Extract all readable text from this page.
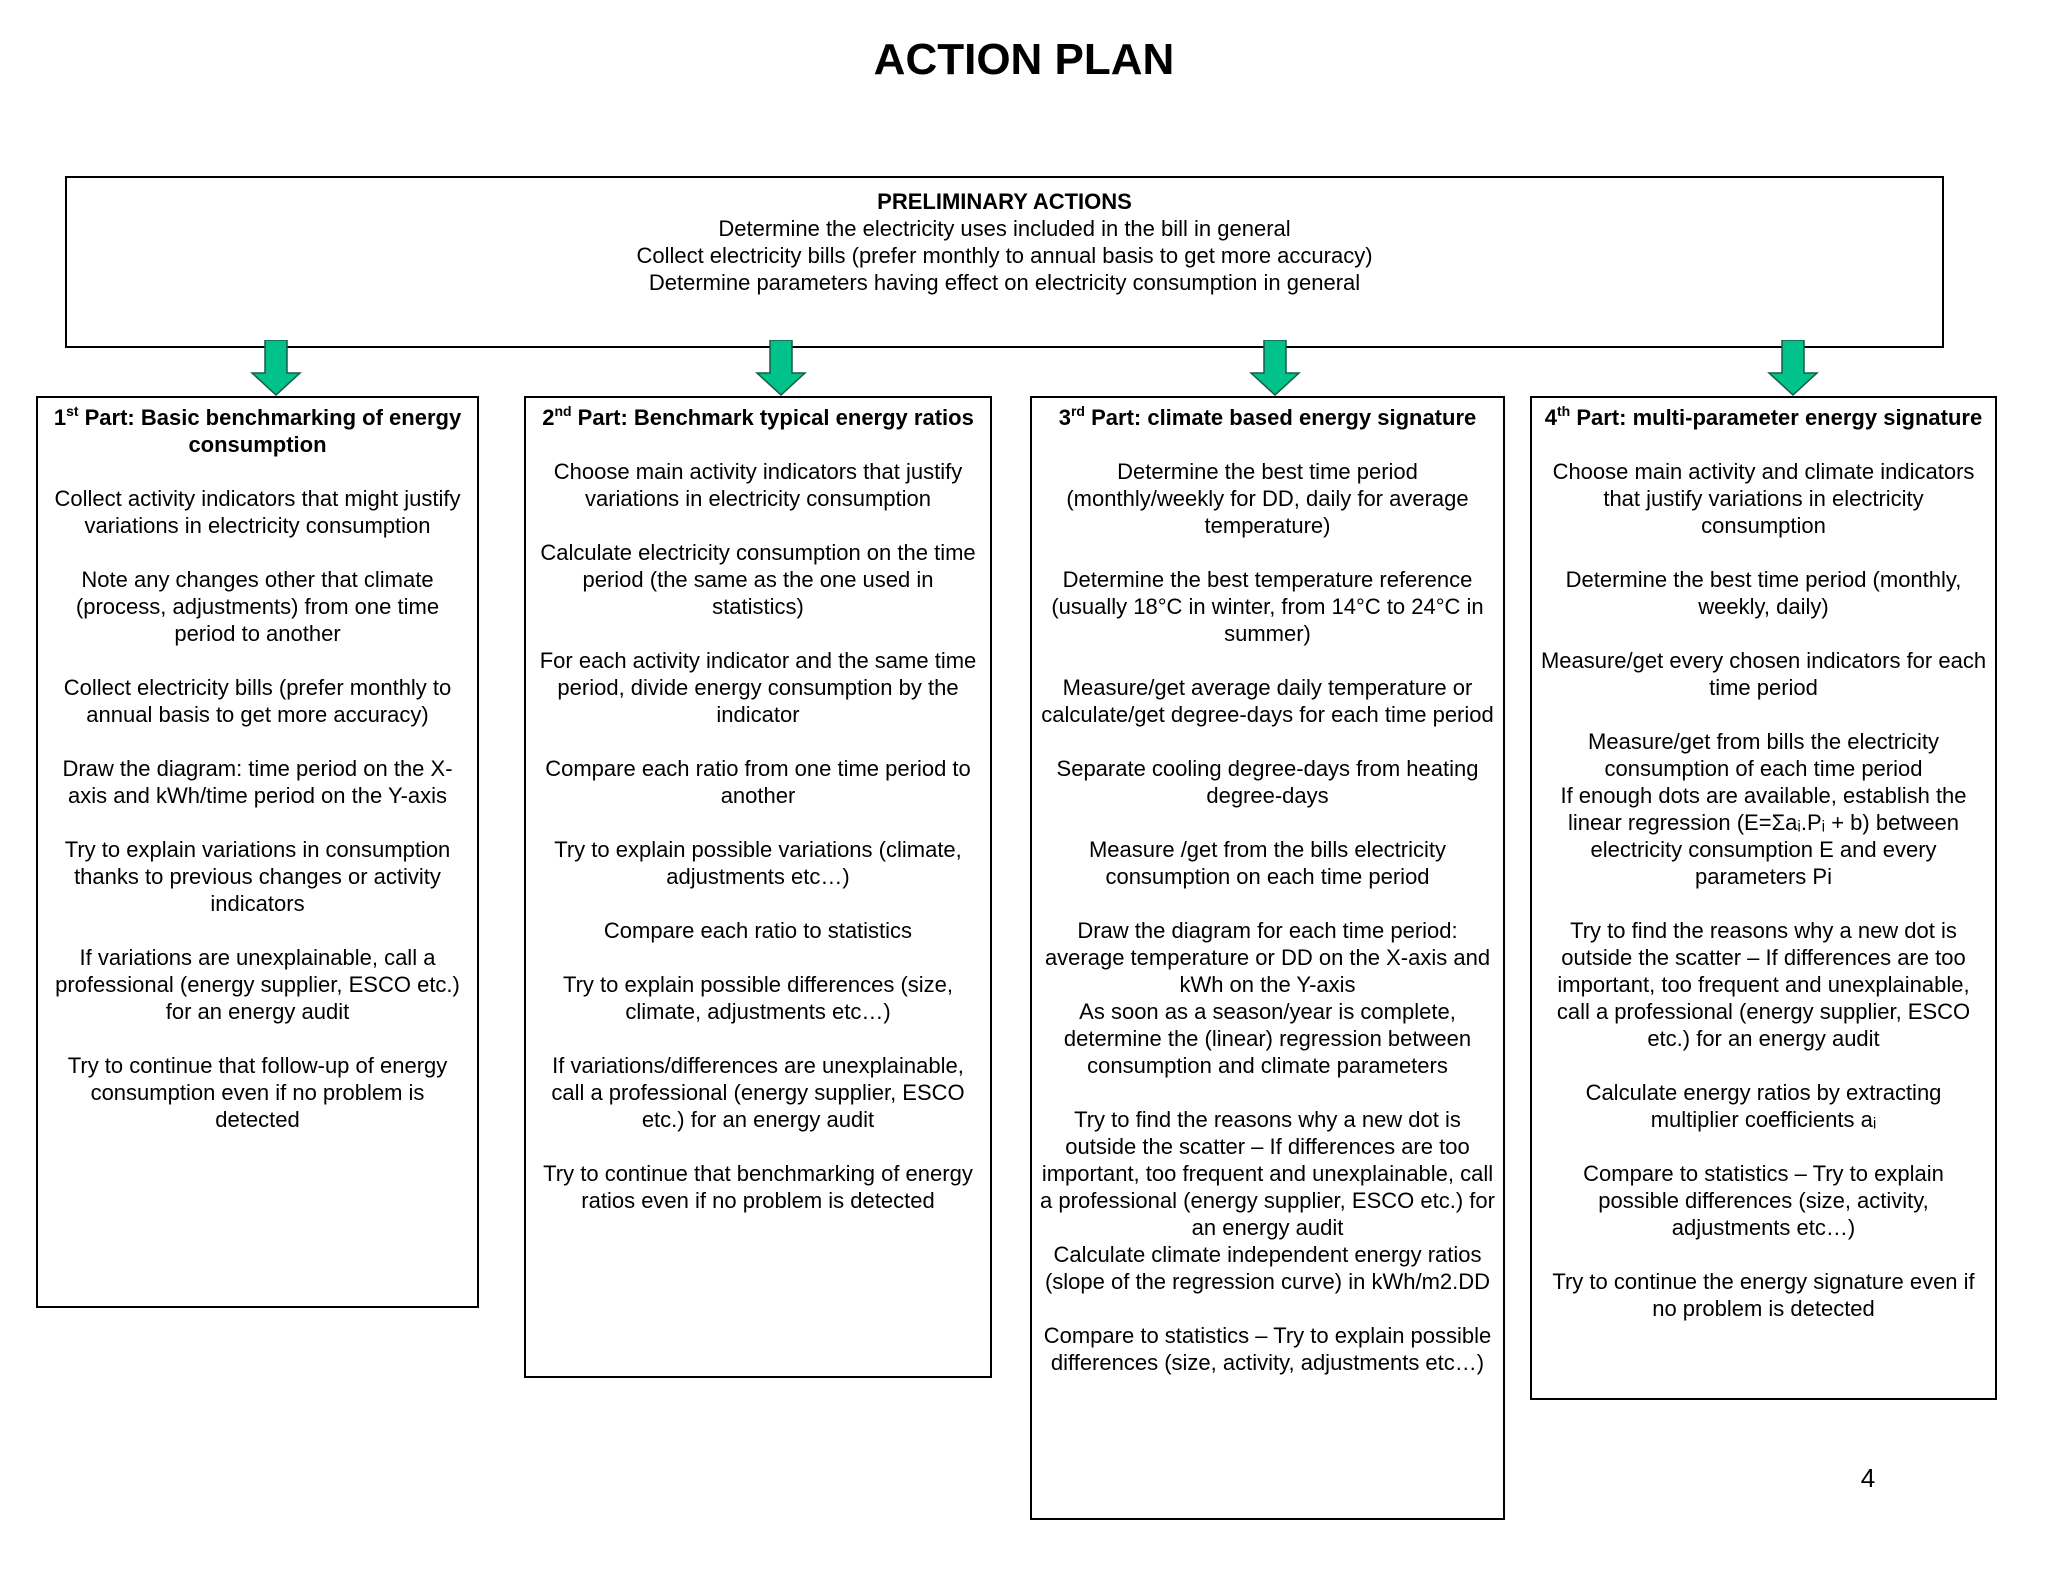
ACTION PLAN
PRELIMINARY ACTIONS
Determine the electricity uses included in the bill in general
Collect electricity bills (prefer monthly to annual basis to get more accuracy)
Determine parameters having effect on electricity consumption in general
1st Part: Basic benchmarking of energy consumption

Collect activity indicators that might justify variations in electricity consumption

Note any changes other that climate (process, adjustments) from one time period to another

Collect electricity bills (prefer monthly to annual basis to get more accuracy)

Draw the diagram: time period on the X-axis and kWh/time period on the Y-axis

Try to explain variations in consumption thanks to previous changes or activity indicators

If variations are unexplainable, call a professional (energy supplier, ESCO etc.) for an energy audit

Try to continue that follow-up of energy consumption even if no problem is detected

2nd Part: Benchmark typical energy ratios

Choose main activity indicators that justify variations in electricity consumption

Calculate electricity consumption on the time period (the same as the one used in statistics)

For each activity indicator and the same time period, divide energy consumption by the indicator

Compare each ratio from one time period to another

Try to explain possible variations (climate, adjustments etc…)

Compare each ratio to statistics

Try to explain possible differences (size, climate, adjustments etc…)

If variations/differences are unexplainable, call a professional (energy supplier, ESCO etc.) for an energy audit

Try to continue that benchmarking of energy ratios even if no problem is detected

3rd Part: climate based energy signature

Determine the best time period (monthly/weekly for DD, daily for average temperature)

Determine the best temperature reference (usually 18°C in winter, from 14°C to 24°C in summer)

Measure/get average daily temperature or calculate/get degree-days for each time period

Separate cooling degree-days from heating degree-days

Measure /get from the bills electricity consumption on each time period

Draw the diagram for each time period: average temperature or DD on the X-axis and kWh on the Y-axis
As soon as a season/year is complete, determine the (linear) regression between consumption and climate parameters

Try to find the reasons why a new dot is outside the scatter – If differences are too important, too frequent and unexplainable, call a professional (energy supplier, ESCO etc.) for an energy audit
Calculate climate independent energy ratios (slope of the regression curve) in kWh/m2.DD

Compare to statistics – Try to explain possible differences (size, activity, adjustments etc…)

4th Part: multi-parameter energy signature

Choose main activity and climate indicators that justify variations in electricity consumption

Determine the best time period (monthly, weekly, daily)

Measure/get every chosen indicators for each time period

Measure/get from bills the electricity consumption of each time period
If enough dots are available, establish the linear regression (E=Σaᵢ.Pᵢ + b) between electricity consumption E and every parameters Pi

Try to find the reasons why a new dot is outside the scatter – If differences are too important, too frequent and unexplainable, call a professional (energy supplier, ESCO etc.) for an energy audit

Calculate energy ratios by extracting multiplier coefficients aᵢ

Compare to statistics – Try to explain possible differences (size, activity, adjustments etc…)

Try to continue the energy signature even if no problem is detected

4
